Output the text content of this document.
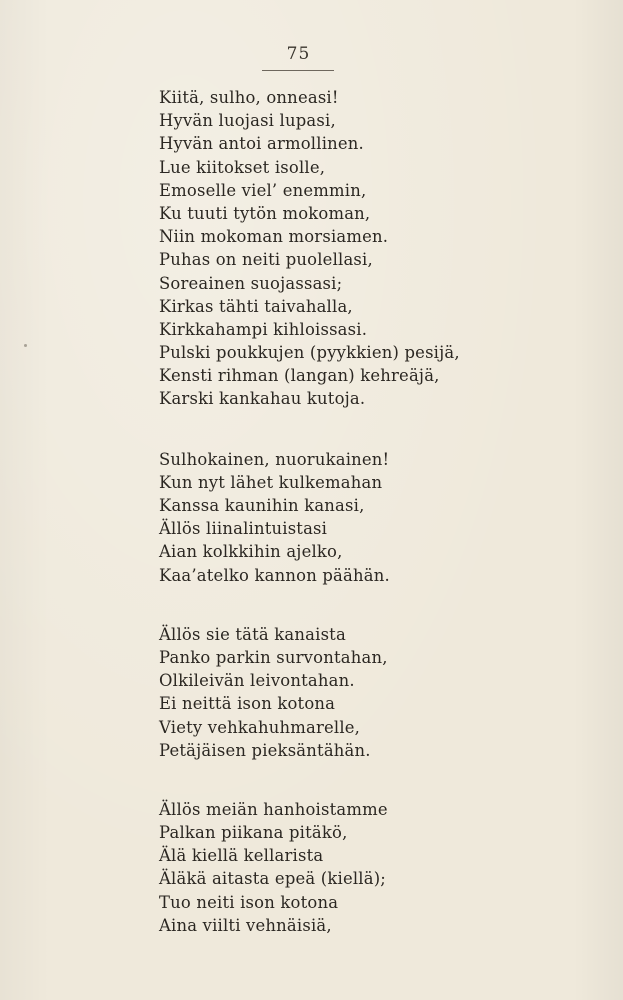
75
Kiitä, sulho, onneasi!
Hyvän luojasi lupasi,
Hyvän antoi armollinen.
Lue kiitokset isolle,
Emoselle viel’ enemmin,
Ku tuuti tytön mokoman,
Niin mokoman morsiamen.
Puhas on neiti puolellasi,
Soreainen suojassasi;
Kirkas tähti taivahalla,
Kirkkahampi kihloissasi.
Pulski poukkujen (pyykkien) pesijä,
Kensti rihman (langan) kehreäjä,
Karski kankahau kutoja.
Sulhokainen, nuorukainen!
Kun nyt lähet kulkemahan
Kanssa kaunihin kanasi,
Ällös liinalintuistasi
Aian kolkkihin ajelko,
Kaa’atelko kannon päähän.
Ällös sie tätä kanaista
Panko parkin survontahan,
Olkileivän leivontahan.
Ei neittä ison kotona
Viety vehkahuhmarelle,
Petäjäisen pieksäntähän.
Ällös meiän hanhoistamme
Palkan piikana pitäkö,
Älä kiellä kellarista
Äläkä aitasta epeä (kiellä);
Tuo neiti ison kotona
Aina viilti vehnäisiä,
